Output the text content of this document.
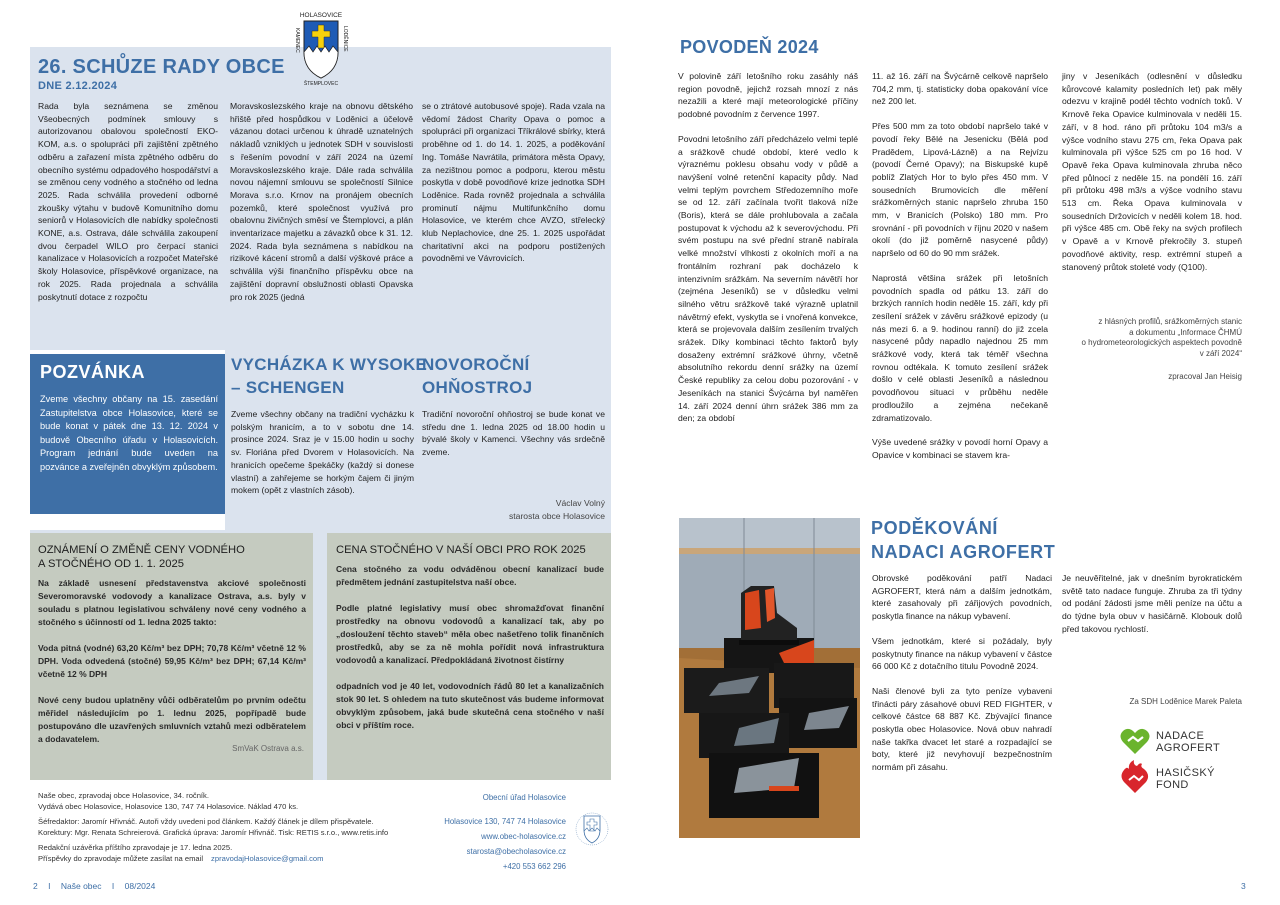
26. SCHŮZE RADY OBCE
DNE 2.12.2024
Rada byla seznámena se změnou Všeobecných podmínek smlouvy s autorizovanou obalovou společností EKO-KOM, a.s. o spolupráci při zajištění zpětného odběru a zařazení místa zpětného odběru do obecního systému odpadového hospodářství a se změnou ceny vodného a stočného od ledna 2025. Rada schválila provedení odborné zkoušky výtahu v budově Komunitního domu seniorů v Holasovicích dle nabídky společnosti KONE, a.s. Ostrava, dále schválila zakoupení dvou čerpadel WILO pro čerpací stanici kanalizace v Holasovicích a rozpočet Mateřské školy Holasovice, příspěvkové organizace, na rok 2025. Rada projednala a schválila poskytnutí dotace z rozpočtu
Moravskoslezského kraje na obnovu dětského hřiště před hospůdkou v Loděnici a účelově vázanou dotaci určenou k úhradě uznatelných nákladů vzniklých u jednotek SDH v souvislosti s řešením povodní v září 2024 na území Moravskoslezského kraje. Dále rada schválila novou nájemní smlouvu se společností Silnice Morava s.r.o. Krnov na pronájem obecních pozemků, které společnost využívá pro obalovnu živičných směsí ve Štemplovci, a plán inventarizace majetku a závazků obce k 31. 12. 2024. Rada byla seznámena s nabídkou na rizikové kácení stromů a další výškové práce a schválila výši finančního příspěvku obce na zajištění dopravní obslužnosti oblasti Opavska pro rok 2025 (jedná
se o ztrátové autobusové spoje). Rada vzala na vědomí žádost Charity Opava o pomoc a spolupráci při organizaci Tříkrálové sbírky, která proběhne od 1. do 14. 1. 2025, a poděkování Ing. Tomáše Navrátila, primátora města Opavy, za nezištnou pomoc a podporu, kterou městu poskytla v době povodňové krize jednotka SDH Loděnice. Rada rovněž projednala a schválila prominutí nájmu Multifunkčního domu Holasovice, ve kterém chce AVZO, střelecký klub Neplachovice, dne 25. 1. 2025 uspořádat charitativní akci na podporu postižených povodněmi ve Vávrovicích.
HOLASOVICE
KAMENEC	LODĚNICE
ŠTEMPLOVEC
POZVÁNKA
Zveme všechny občany na 15. zasedání Zastupitelstva obce Holasovice, které se bude konat v pátek dne 13. 12. 2024 v budově Obecního úřadu v Holasovicích. Program jednání bude uveden na pozvánce a zveřejněn obvyklým způsobem.
VYCHÁZKA K WYSOKE
– SCHENGEN
Zveme všechny občany na tradiční vycházku k polským hranicím, a to v sobotu dne 14. prosince 2024. Sraz je v 15.00 hodin u sochy sv. Floriána před Dvorem v Holasovicích. Na hranicích opečeme špekáčky (každý si donese vlastní) a zahřejeme se horkým čajem či jiným mokem (opět z vlastních zásob).
NOVOROČNÍ
OHŇOSTROJ
Tradiční novoroční ohňostroj se bude konat ve středu dne 1. ledna 2025 od 18.00 hodin u bývalé školy v Kamenci. Všechny vás srdečně zveme.
Václav Volný
starosta obce Holasovice
OZNÁMENÍ O ZMĚNĚ CENY VODNÉHO
A STOČNÉHO OD 1. 1. 2025

Na základě usnesení představenstva akciové společnosti Severomoravské vodovody a kanalizace Ostrava, a.s. byly v souladu s platnou legislativou schváleny nové ceny vodného a stočného s účinností od 1. ledna 2025 takto:

Voda pitná (vodné) 63,20 Kč/m³ bez DPH; 70,78 Kč/m³ včetně 12 % DPH. Voda odvedená (stočné) 59,95 Kč/m³ bez DPH; 67,14 Kč/m³ včetně 12 % DPH

Nové ceny budou uplatněny vůči odběratelům po prvním odečtu měřidel následujícím po 1. lednu 2025, popřípadě bude postupováno dle uzavřených smluvních vztahů mezi odběratelem a dodavatelem.

SmVaK Ostrava a.s.
CENA STOČNÉHO V NAŠÍ OBCI PRO ROK 2025

Cena stočného za vodu odváděnou obecní kanalizací bude předmětem jednání zastupitelstva naší obce.

Podle platné legislativy musí obec shromažďovat finanční prostředky na obnovu vodovodů a kanalizací tak, aby po „dosloužení těchto staveb“ měla obec našetřeno tolik finančních prostředků, aby se za ně mohla pořídit nová infrastruktura vodovodů a kanalizací. Předpokládaná životnost čistírny

odpadních vod je 40 let, vodovodních řádů 80 let a kanalizačních stok 90 let. S ohledem na tuto skutečnost vás budeme informovat obvyklým způsobem, jaká bude skutečná cena stočného v naší obci v příštím roce.

Naše obec, zpravodaj obce Holasovice, 34. ročník.
Vydává obec Holasovice, Holasovice 130, 747 74 Holasovice. Náklad 470 ks.

Šéfredaktor: Jaromír Hřivnáč. Autoři vždy uvedeni pod článkem. Každý článek je dílem přispěvatele.
Korektury: Mgr. Renata Schreierová. Grafická úprava: Jaromír Hřivnáč. Tisk: RETIS s.r.o., www.retis.info

Redakční uzávěrka příštího zpravodaje je 17. ledna 2025.
Příspěvky do zpravodaje můžete zasílat na email zpravodajHolasovice@gmail.com

Obecní úřad Holasovice
Holasovice 130, 747 74 Holasovice
www.obec-holasovice.cz
starosta@obecholasovice.cz
+420 553 662 296
2 I Naše obec I 08/2024
POVODEŇ 2024

V polovině září letošního roku zasáhly náš region povodně, jejichž rozsah mnozí z nás nezažili a které mají meteorologické příčiny podobné povodním z července 1997.

Povodni letošního září předcházelo velmi teplé a srážkově chudé období, které vedlo k výraznému poklesu obsahu vody v půdě a navýšení volné retenční kapacity půdy. Nad velmi teplým povrchem Středozemního moře se od 12. září začínala tvořit tlaková níže (Boris), která se dále prohlubovala a začala postupovat k východu až k severovýchodu. Při svém postupu na své přední straně nabírala velké množství vlhkosti z okolních moří a na frontálním rozhraní pak docházelo k intenzivním srážkám. Na severním návětří hor (zejména Jeseníků) se v důsledku velmi silného větru srážkově také výrazně uplatnil návětrný efekt, vyskytla se i vnořená konvekce, která se projevovala dalším zesílením trvalých srážek. Díky kombinaci těchto faktorů byly dosaženy extrémní srážkové úhrny, včetně absolutního rekordu denní srážky na území České republiky za celou dobu pozorování - v Jeseníkách na stanici Švýcárna byl naměřen 14. září 2024 denní úhrn srážek 386 mm za den; za období

11. až 16. září na Švýcárně celkově napršelo 704,2 mm, tj. statisticky doba opakování více než 200 let.

Přes 500 mm za toto období napršelo také v povodí řeky Bělé na Jesenicku (Bělá pod Pradědem, Lipová-Lázně) a na Rejvízu (povodí Černé Opavy); na Biskupské kupě poblíž Zlatých Hor to bylo přes 450 mm. V sousedních Brumovicích dle měření srážkoměrných stanic napršelo zhruba 150 mm, v Branicích (Polsko) 180 mm. Pro srovnání - při povodních v říjnu 2020 v našem okolí (do již poměrně nasycené půdy) napršelo od 60 do 90 mm srážek.

Naprostá většina srážek při letošních povodních spadla od pátku 13. září do brzkých ranních hodin neděle 15. září, kdy při zesílení srážek v závěru srážkové epizody (u nás mezi 6. a 9. hodinou ranní) do již zcela nasycené půdy napadlo najednou 25 mm srážkové vody, která tak téměř všechna rovnou odtékala. K tomuto zesílení srážek došlo v celé oblasti Jeseníků a následnou povodňovou situaci v průběhu neděle prodloužilo a zejména nečekaně zdramatizovalo.

Výše uvedené srážky v povodí horní Opavy a Opavice v kombinaci se stavem kra-

jiny v Jeseníkách (odlesnění v důsledku kůrovcové kalamity posledních let) pak měly odezvu v krajině podél těchto vodních toků. V Krnově řeka Opavice kulminovala v neděli 15. září, v 8 hod. ráno při průtoku 104 m3/s a výšce vodního stavu 275 cm, řeka Opava pak kulminovala při výšce 525 cm po 16 hod. V Opavě řeka Opava kulminovala zhruba něco před půlnocí z neděle 15. na pondělí 16. září při průtoku 498 m3/s a výšce vodního stavu 513 cm. Řeka Opava kulminovala v sousedních Držovicích v neděli kolem 18. hod. při výšce 485 cm. Obě řeky na svých profilech v Opavě a v Krnově překročily 3. stupeň povodňové aktivity, resp. extrémní stupeň a stanovený průtok stoleté vody (Q100).

z hlásných profilů, srážkoměrných stanic
a dokumentu „Informace ČHMÚ
o hydrometeorologických aspektech povodně
v září 2024“
zpracoval Jan Heisig
PODĚKOVÁNÍ
NADACI AGROFERT

Obrovské poděkování patří Nadaci AGROFERT, která nám a dalším jednotkám, které zasahovaly při zářijových povodních, poskytla finance na nákup vybavení.

Všem jednotkám, které si požádaly, byly poskytnuty finance na nákup vybavení v částce 66 000 Kč z dotačního titulu Povodně 2024.

Naši členové byli za tyto peníze vybaveni třinácti páry zásahové obuvi RED FIGHTER, v celkové částce 68 887 Kč. Zbývající finance poskytla obec Holasovice. Nová obuv nahradí naše takřka dvacet let staré a rozpadající se boty, které již nevyhovují bezpečnostním normám při zásahu.

Je neuvěřitelné, jak v dnešním byrokratickém světě tato nadace funguje. Zhruba za tři týdny od podání žádosti jsme měli peníze na účtu a do týdne byla obuv v hasičárně. Klobouk dolů před takovou rychlostí.

Za SDH Loděnice Marek Paleta
NADACE
AGROFERT
HASIČSKÝ
FOND
3
